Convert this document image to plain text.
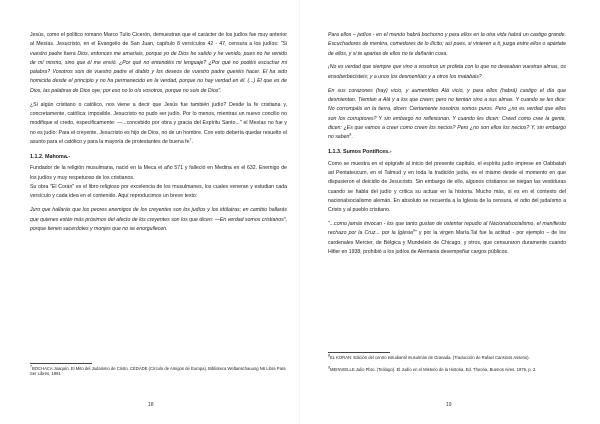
Jesús, como el político romano Marco Tulio Cicerón, demuestran que el carácter de los judíos fue muy anterior al Mesías. Jesucristo, en el Evangelio de San Juan, capítulo 8 versículos 42 - 47, censura a los judíos: "Si vuestro padre fuera Dios, entonces me amaríais, porque yo de Dios he salido y he venido, pues no he venido de mí mismo, sino que él me envió. ¿Por qué no entendéis mi lenguaje? ¿Por qué no podéis escuchar mi palabra? Vosotros sois de vuestro padre el diablo y los deseos de vuestro padre queréis hacer. El ha sido homicida desde el principio y no ha permanecido en la verdad, porque no hay verdad en él. (...) El que es de Dios, las palabras de Dios oye; por eso no lo oís vosotros, porque no sois de Dios".

¿Si algún cristiano o católico, nos viene a decir que Jesús fue también judío? Desde la fe cristiana y, concretamente, católica: imposible. Jesucristo no pudo ser judío. Por lo menos, mientras un nuevo concilio no modifique el credo, especificamente: —...concebido por obra y gracia del Espíritu Santo..." el Mesías no fue y no es judío: Para el creyente, Jesucristo es hijo de Dios, no de un hombre. Con esto debería quedar resuelto el asunto para el católico y para la mayoría de protestantes de buena $fe^7$.

1.1.2. Mahoma.-

Fundador de la religión musulmana, nació en la Meca el año 571 y falleció en Medina en el 632. Enemigo de los judíos y muy respetuoso de los cristianos.

Su obra "El Corán" es el libro religioso por excelencia de los musulmanes, los cuales veneran y estudian cada versículo y cada idea en el contenido. Aquí reproducimos un breve texto:

Juro que hallarás que los peores enemigos de los creyentes son los judíos y los idólatras; en cambio hallarás que quienes están más próximos del afecto de los creyentes son los que dicen: —En verdad somos cristianos", porque tienen sacerdotes y monjes que no se enorgullecen.

$^7$BOCHACA Joaquín. El Mito del Judaísmo de Cristo. CEDADE (Círculo de Amigos de Europa). Biblioteca Weltanschauung N6 Libra Para Ser Libres, 1991
18

Para ellos – judíos - en el mundo habrá bochorno y para ellos en la otra vida habrá un castigo grande. Escuchadores de mentira, comedores de lo ilícito; así pues, si vinieren a ti, juzga entre ellos o apártate de ellos, y si te apartas de ellos no te dañarán cosa.

¡No es verdad que siempre que vino a vosotros un profeta con lo que no deseaban vuestras almas, os ensoberbecisteis; y a unos los desmentíais y a otros los matabais?

En sus corazones (hay) vicio, y aumentóles Alá vicio, y para ellos (habrá) castigo el día que desmientan. Tiemtan a Alá y a los que creen; pero no tientan sino a sus almas. Y cuando se les dice: No corrompáis en la tierra, dicen: Ciertamente nosotros somos puros. Pero ¿no es verdad que ellos son los corruptores? Y sin embargo no reflexionan. Y cuando les dicen: Creed como cree la gente, dicen: ¿Es que vamos a creer como creen los necios? Pero ¿no son ellos los necios? Y, sin embargo no saben$^8$.

1.1.3. Sumos Pontífices.-

Como se muestra en el epígrafe al inicio del presente capítulo, el espíritu judío imprese en Oabbatah ad Pentateucum, en el Talmud y en toda la tradición judía, es el mismo desde el momento en que dispusieron el deicidio de Jesucristo. Sin embargo de ello, algunos cristianos se niegan las vestiduras cuando se habla del judío y critica su actuar en la historia. Mucho más, si es en el contexto del nacionalsocialismo alemán. En absoluto se recuerda a la Iglesia de la censura, el odio del judaísmo a Cristo y al pueblo cristiano.

"...como jamás invocan - los que tanto gustan de ostentar repudio al Nacionalsocialismo, el manifiesto rechazo por la Cruz... por la Iglesia$^9$" y por la virgen María.Tal fue la actitud - por ejemplo – de los cardenales Mercier, de Bélgica y Mundelein de Chicago, y otros, que censuraron duramente cuando Hitler en 1938, prohibió a los judíos de Alemania desempeñar cargos públicos.

$^8$EL KORAN: Edición del centro estudiantil musulmán de Granada. (Traducción de Rafael Cansinos Assens).
$^9$MEINVIELLE Julio Pbro. (Teólogo). El Judío en el Misterio de la Historia. Ed. Theoria, Buenos Aires, 1975, p. 3.
19
